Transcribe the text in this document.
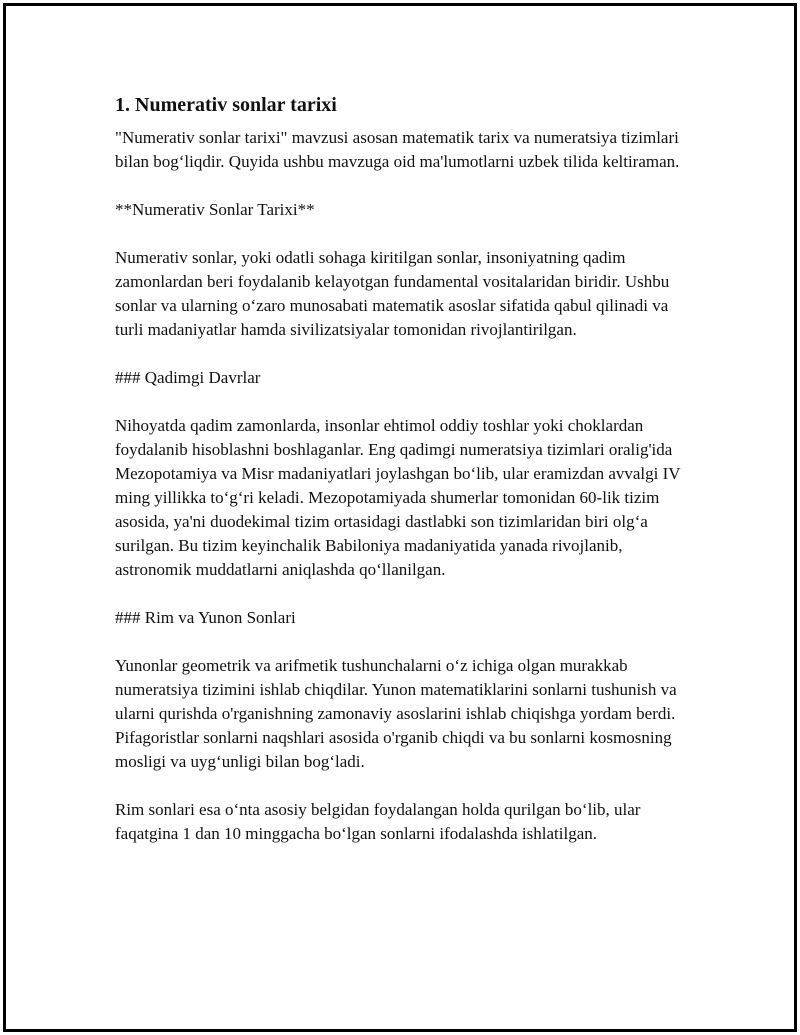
1. Numerativ sonlar tarixi

"Numerativ sonlar tarixi" mavzusi asosan matematik tarix va numeratsiya tizimlari bilan bog‘liqdir. Quyida ushbu mavzuga oid ma'lumotlarni uzbek tilida keltiraman.

**Numerativ Sonlar Tarixi**

Numerativ sonlar, yoki odatli sohaga kiritilgan sonlar, insoniyatning qadim zamonlardan beri foydalanib kelayotgan fundamental vositalaridan biridir. Ushbu sonlar va ularning o‘zaro munosabati matematik asoslar sifatida qabul qilinadi va turli madaniyatlar hamda sivilizatsiyalar tomonidan rivojlantirilgan.

### Qadimgi Davrlar

Nihoyatda qadim zamonlarda, insonlar ehtimol oddiy toshlar yoki choklardan foydalanib hisoblashni boshlaganlar. Eng qadimgi numeratsiya tizimlari oralig'ida Mezopotamiya va Misr madaniyatlari joylashgan bo‘lib, ular eramizdan avvalgi IV ming yillikka to‘g‘ri keladi. Mezopotamiyada shumerlar tomonidan 60-lik tizim asosida, ya'ni duodekimal tizim ortasidagi dastlabki son tizimlaridan biri olg‘a surilgan. Bu tizim keyinchalik Babiloniya madaniyatida yanada rivojlanib, astronomik muddatlarni aniqlashda qo‘llanilgan.

### Rim va Yunon Sonlari

Yunonlar geometrik va arifmetik tushunchalarni o‘z ichiga olgan murakkab numeratsiya tizimini ishlab chiqdilar. Yunon matematiklarini sonlarni tushunish va ularni qurishda o'rganishning zamonaviy asoslarini ishlab chiqishga yordam berdi. Pifagoristlar sonlarni naqshlari asosida o'rganib chiqdi va bu sonlarni kosmosning mosligi va uyg‘unligi bilan bog‘ladi.

Rim sonlari esa o‘nta asosiy belgidan foydalangan holda qurilgan bo‘lib, ular faqatgina 1 dan 10 minggacha bo‘lgan sonlarni ifodalashda ishlatilgan.
